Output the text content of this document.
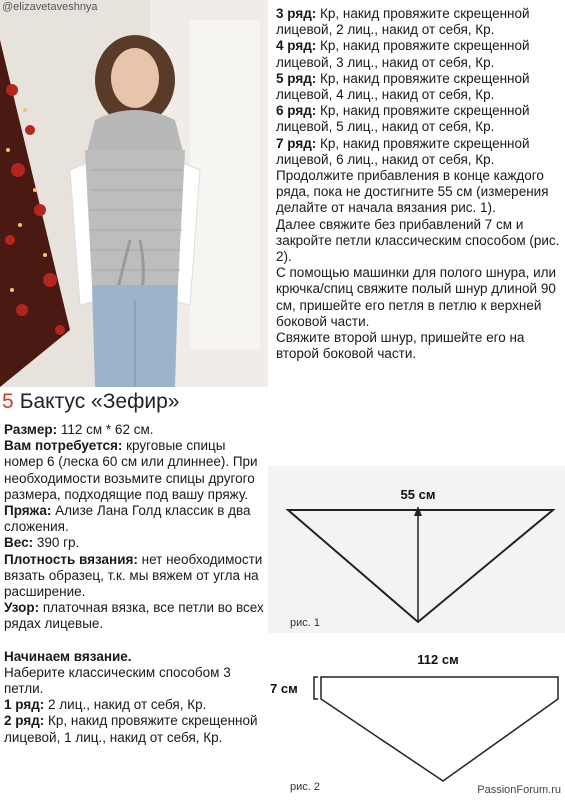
@elizavetaveshnya
5 Бактус «Зефир»

Размер: 112 см * 62 см.

Вам потребуется: круговые спицы номер 6 (леска 60 см или длиннее). При необходимости возьмите спицы другого размера, подходящие под вашу пряжу.

Пряжа: Ализе Лана Голд классик в два сложения.

Вес: 390 гр.

Плотность вязания: нет необходимости вязать образец, т.к. мы вяжем от угла на расширение.

Узор: платочная вязка, все петли во всех рядах лицевые.

Начинаем вязание.

Наберите классическим способом 3 петли.

1 ряд: 2 лиц., накид от себя, Кр.

2 ряд: Кр, накид провяжите скрещенной лицевой, 1 лиц., накид от себя, Кр.

3 ряд: Кр, накид провяжите скрещенной лицевой, 2 лиц., накид от себя, Кр.

4 ряд: Кр, накид провяжите скрещенной лицевой, 3 лиц., накид от себя, Кр.

5 ряд: Кр, накид провяжите скрещенной лицевой, 4 лиц., накид от себя, Кр.

6 ряд: Кр, накид провяжите скрещенной лицевой, 5 лиц., накид от себя, Кр.

7 ряд: Кр, накид провяжите скрещенной лицевой, 6 лиц., накид от себя, Кр.

Продолжите прибавления в конце каждого ряда, пока не достигните 55 см (измерения делайте от начала вязания рис. 1).

Далее свяжите без прибавлений 7 см и закройте петли классическим способом (рис. 2).

С помощью машинки для полого шнура, или крючка/спиц свяжите полый шнур длиной 90 см, пришейте его петля в петлю к верхней боковой части.

Свяжите второй шнур, пришейте его на второй боковой части.

55 см
рис. 1
112 см
7 см
рис. 2	PassionForum.ru
